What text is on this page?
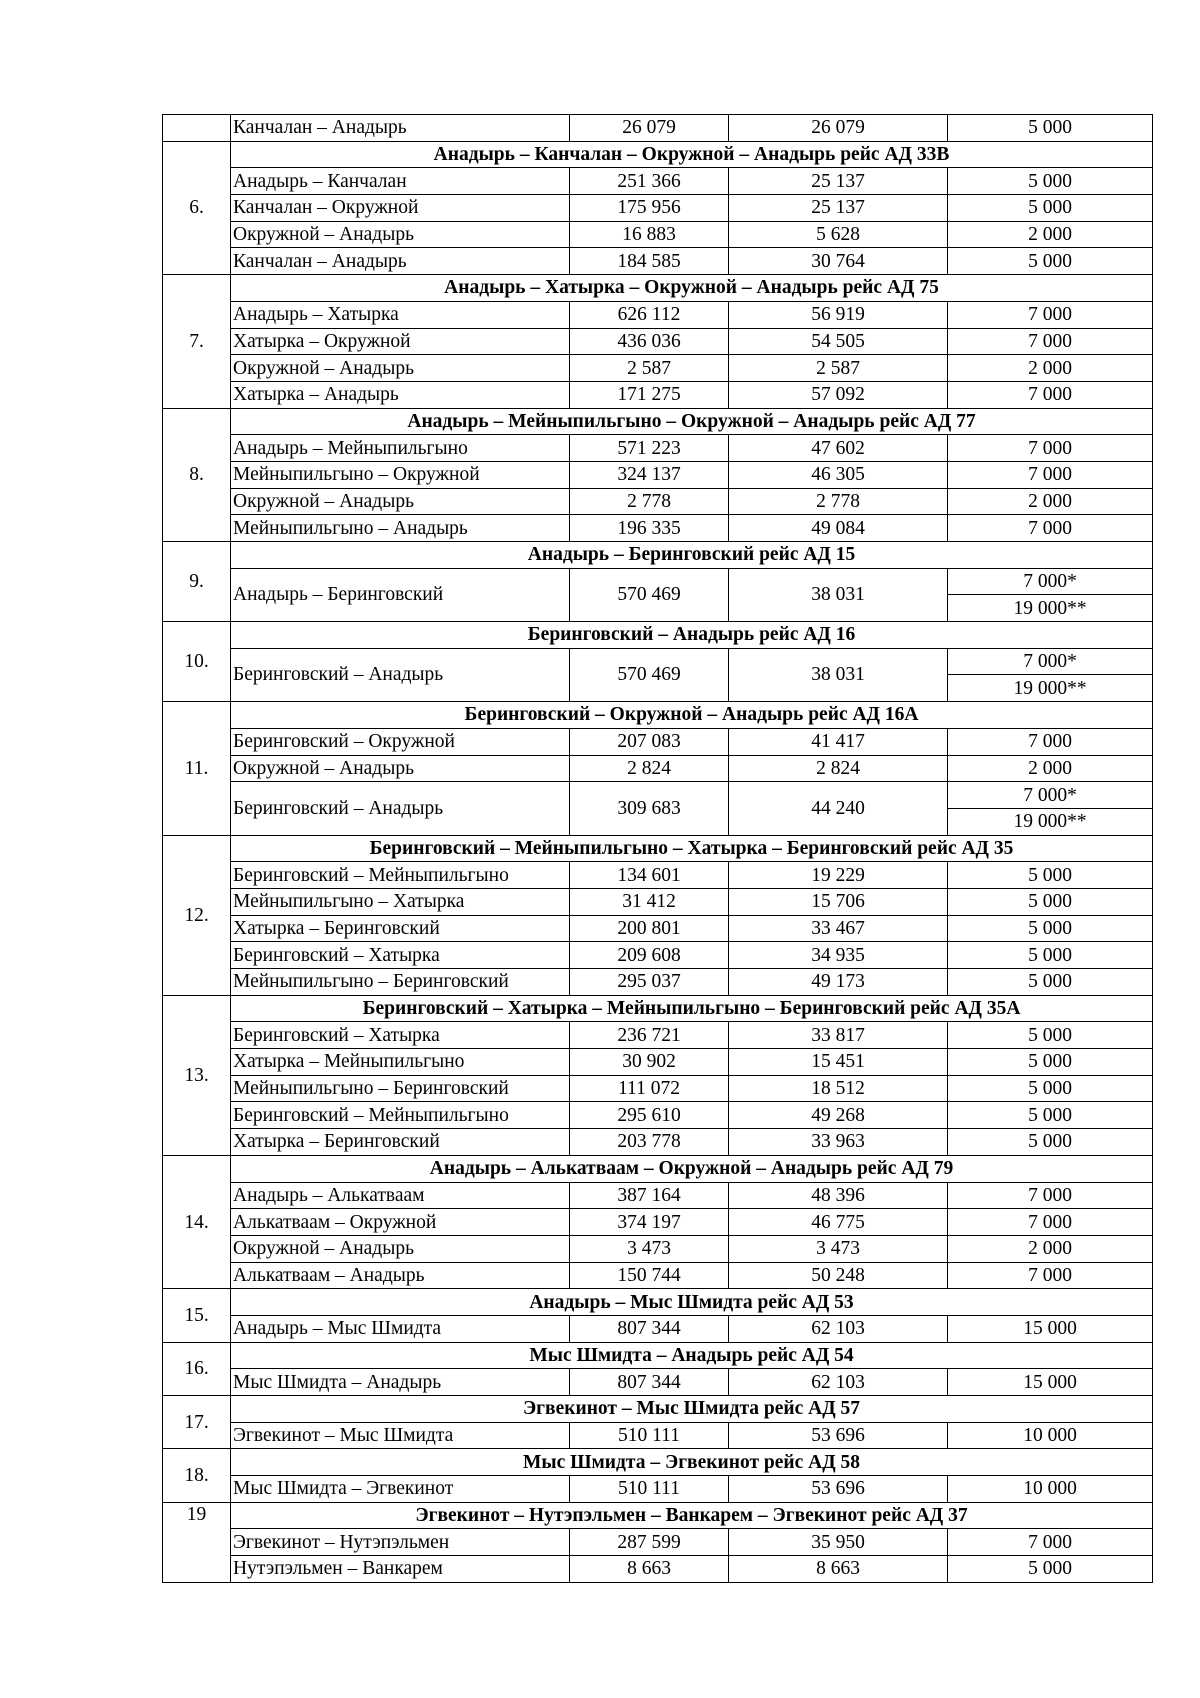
	Канчалан – Анадырь	26 079	26 079	5 000
6.	Анадырь – Канчалан – Окружной – Анадырь рейс АД 33В			
	Анадырь – Канчалан	251 366	25 137	5 000
	Канчалан – Окружной	175 956	25 137	5 000
	Окружной – Анадырь	16 883	5 628	2 000
	Канчалан – Анадырь	184 585	30 764	5 000
7.	Анадырь – Хатырка – Окружной – Анадырь рейс АД 75			
	Анадырь – Хатырка	626 112	56 919	7 000
	Хатырка – Окружной	436 036	54 505	7 000
	Окружной – Анадырь	2 587	2 587	2 000
	Хатырка – Анадырь	171 275	57 092	7 000
8.	Анадырь – Мейныпильгыно – Окружной – Анадырь рейс АД 77			
	Анадырь – Мейныпильгыно	571 223	47 602	7 000
	Мейныпильгыно – Окружной	324 137	46 305	7 000
	Окружной – Анадырь	2 778	2 778	2 000
	Мейныпильгыно – Анадырь	196 335	49 084	7 000
9.	Анадырь – Беринговский рейс АД 15			
	Анадырь – Беринговский	570 469	38 031	7 000*
				19 000**
10.	Беринговский – Анадырь рейс АД 16			
	Беринговский – Анадырь	570 469	38 031	7 000*
				19 000**
11.	Беринговский – Окружной – Анадырь рейс АД 16А			
	Беринговский – Окружной	207 083	41 417	7 000
	Окружной – Анадырь	2 824	2 824	2 000
	Беринговский – Анадырь	309 683	44 240	7 000*
				19 000**
12.	Беринговский – Мейныпильгыно – Хатырка – Беринговский рейс АД 35			
	Беринговский – Мейныпильгыно	134 601	19 229	5 000
	Мейныпильгыно – Хатырка	31 412	15 706	5 000
	Хатырка – Беринговский	200 801	33 467	5 000
	Беринговский – Хатырка	209 608	34 935	5 000
	Мейныпильгыно – Беринговский	295 037	49 173	5 000
13.	Беринговский – Хатырка – Мейныпильгыно – Беринговский рейс АД 35А			
	Беринговский – Хатырка	236 721	33 817	5 000
	Хатырка – Мейныпильгыно	30 902	15 451	5 000
	Мейныпильгыно – Беринговский	111 072	18 512	5 000
	Беринговский – Мейныпильгыно	295 610	49 268	5 000
	Хатырка – Беринговский	203 778	33 963	5 000
14.	Анадырь – Алькатваам – Окружной – Анадырь рейс АД 79			
	Анадырь – Алькатваам	387 164	48 396	7 000
	Алькатваам – Окружной	374 197	46 775	7 000
	Окружной – Анадырь	3 473	3 473	2 000
	Алькатваам – Анадырь	150 744	50 248	7 000
15.	Анадырь – Мыс Шмидта рейс АД 53			
	Анадырь – Мыс Шмидта	807 344	62 103	15 000
16.	Мыс Шмидта – Анадырь рейс АД 54			
	Мыс Шмидта – Анадырь	807 344	62 103	15 000
17.	Эгвекинот – Мыс Шмидта рейс АД 57			
	Эгвекинот – Мыс Шмидта	510 111	53 696	10 000
18.	Мыс Шмидта – Эгвекинот рейс АД 58			
	Мыс Шмидта – Эгвекинот	510 111	53 696	10 000
19	Эгвекинот – Нутэпэльмен – Ванкарем – Эгвекинот рейс АД 37			
	Эгвекинот – Нутэпэльмен	287 599	35 950	7 000
	Нутэпэльмен – Ванкарем	8 663	8 663	5 000
